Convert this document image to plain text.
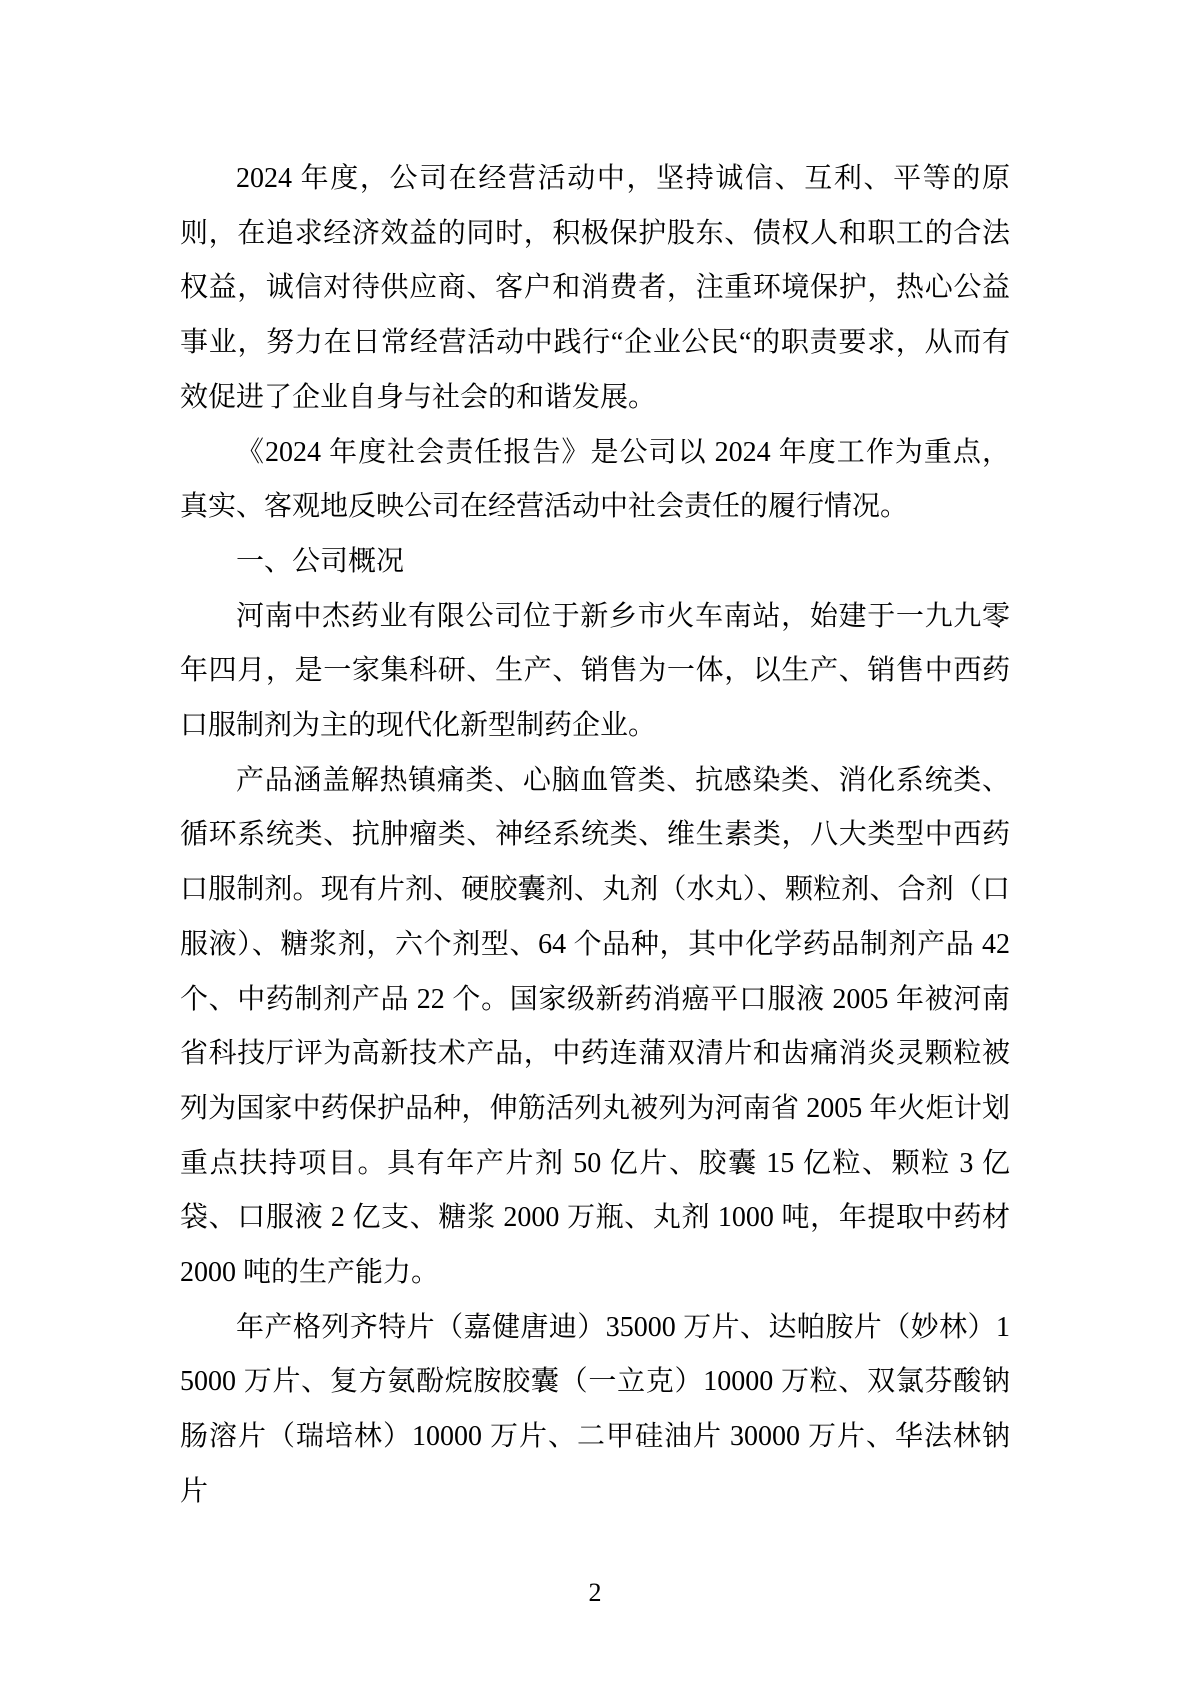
2024 年度，公司在经营活动中，坚持诚信、互利、平等的原则，在追求经济效益的同时，积极保护股东、债权人和职工的合法权益，诚信对待供应商、客户和消费者，注重环境保护，热心公益事业，努力在日常经营活动中践行“企业公民“的职责要求，从而有效促进了企业自身与社会的和谐发展。

《2024 年度社会责任报告》是公司以 2024 年度工作为重点，真实、客观地反映公司在经营活动中社会责任的履行情况。

一、公司概况

河南中杰药业有限公司位于新乡市火车南站，始建于一九九零年四月，是一家集科研、生产、销售为一体，以生产、销售中西药口服制剂为主的现代化新型制药企业。

产品涵盖解热镇痛类、心脑血管类、抗感染类、消化系统类、循环系统类、抗肿瘤类、神经系统类、维生素类，八大类型中西药口服制剂。现有片剂、硬胶囊剂、丸剂（水丸）、颗粒剂、合剂（口服液）、糖浆剂，六个剂型、64 个品种，其中化学药品制剂产品 42 个、中药制剂产品 22 个。国家级新药消癌平口服液 2005 年被河南省科技厅评为高新技术产品，中药连蒲双清片和齿痛消炎灵颗粒被列为国家中药保护品种，伸筋活列丸被列为河南省 2005 年火炬计划重点扶持项目。具有年产片剂 50 亿片、胶囊 15 亿粒、颗粒 3 亿袋、口服液 2 亿支、糖浆 2000 万瓶、丸剂 1000 吨，年提取中药材 2000 吨的生产能力。

年产格列齐特片（嘉健唐迪）35000 万片、达帕胺片（妙林）15000 万片、复方氨酚烷胺胶囊（一立克）10000 万粒、双氯芬酸钠肠溶片（瑞培林）10000 万片、二甲硅油片 30000 万片、华法林钠片

2
